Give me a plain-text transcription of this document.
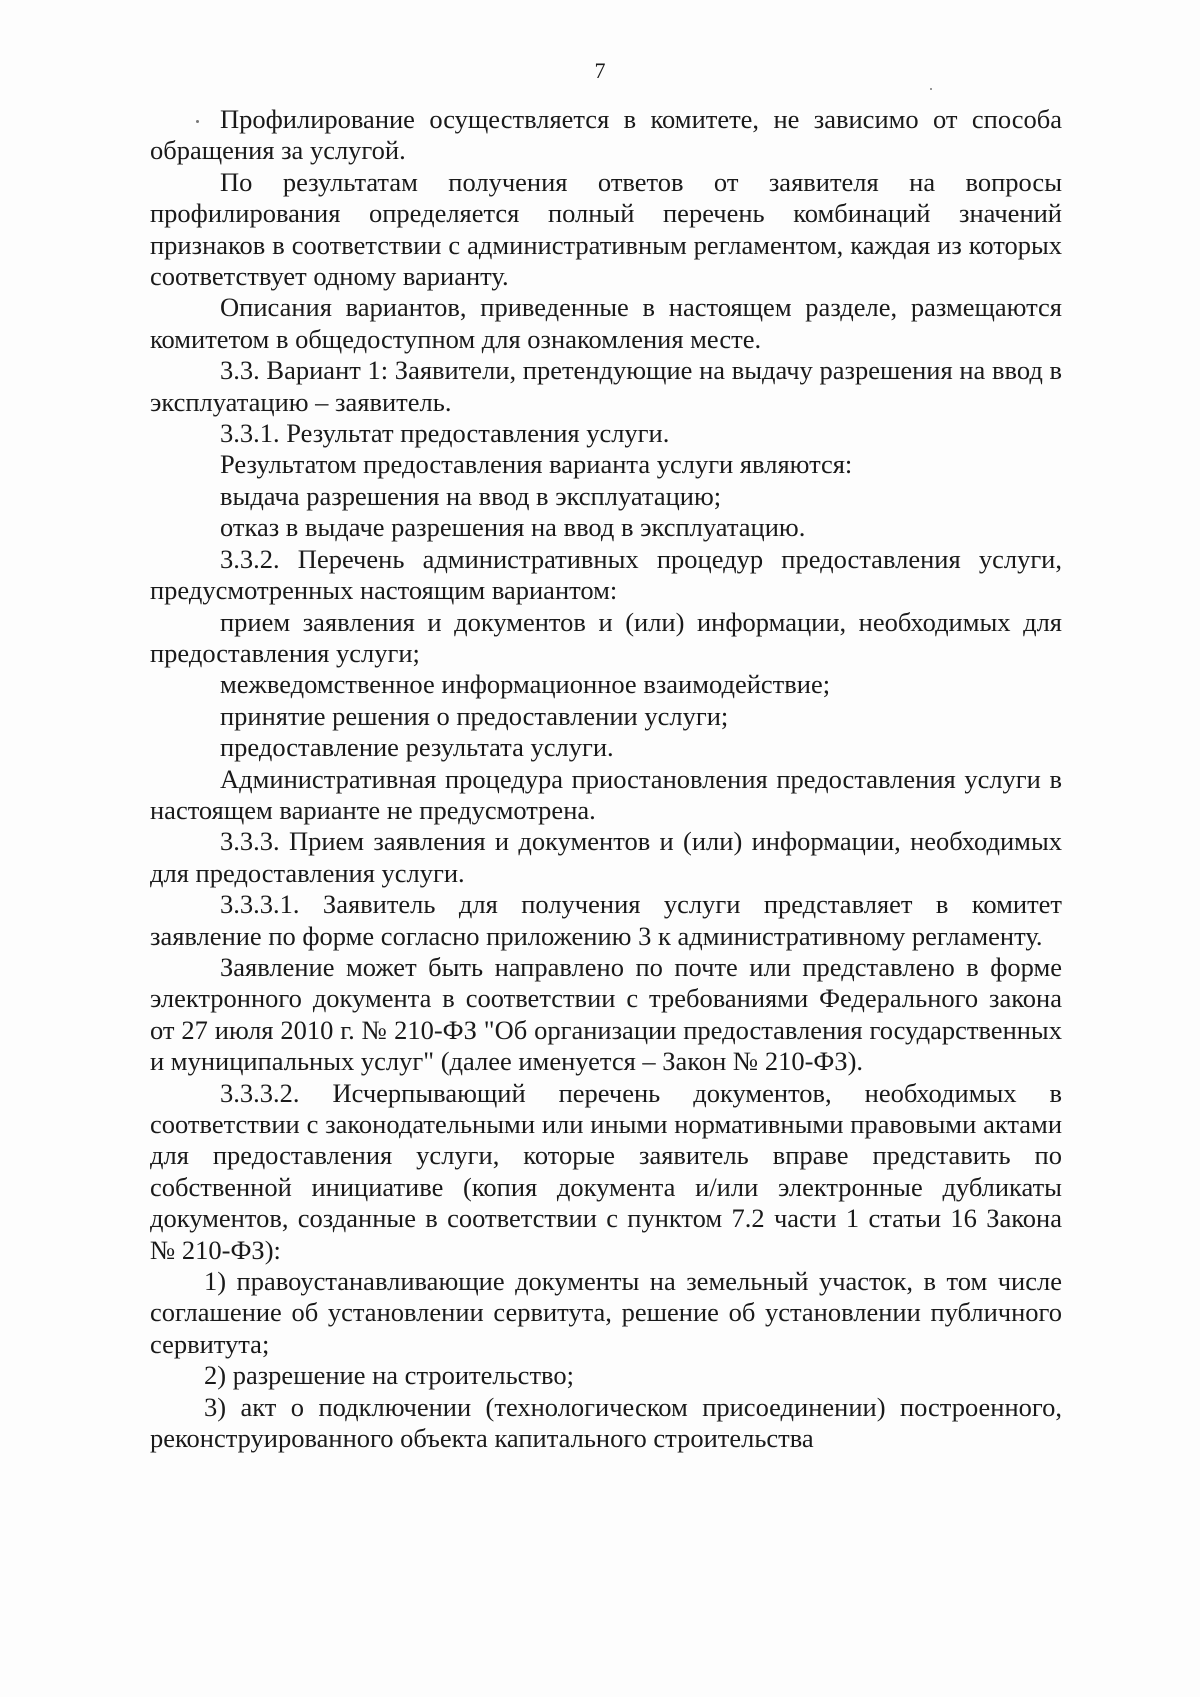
7

Профилирование осуществляется в комитете, не зависимо от способа обращения за услугой.

По результатам получения ответов от заявителя на вопросы профилирования определяется полный перечень комбинаций значений признаков в соответствии с административным регламентом, каждая из которых соответствует одному варианту.

Описания вариантов, приведенные в настоящем разделе, размещаются комитетом в общедоступном для ознакомления месте.

3.3. Вариант 1: Заявители, претендующие на выдачу разрешения на ввод в эксплуатацию – заявитель.

3.3.1. Результат предоставления услуги.

Результатом предоставления варианта услуги являются:

выдача разрешения на ввод в эксплуатацию;

отказ в выдаче разрешения на ввод в эксплуатацию.

3.3.2. Перечень административных процедур предоставления услуги, предусмотренных настоящим вариантом:

прием заявления и документов и (или) информации, необходимых для предоставления услуги;

межведомственное информационное взаимодействие;

принятие решения о предоставлении услуги;

предоставление результата услуги.

Административная процедура приостановления предоставления услуги в настоящем варианте не предусмотрена.

3.3.3. Прием заявления и документов и (или) информации, необходимых для предоставления услуги.

3.3.3.1. Заявитель для получения услуги представляет в комитет заявление по форме согласно приложению 3 к административному регламенту.

Заявление может быть направлено по почте или представлено в форме электронного документа в соответствии с требованиями Федерального закона от 27 июля 2010 г. № 210-ФЗ "Об организации предоставления государственных и муниципальных услуг" (далее именуется – Закон № 210-ФЗ).

3.3.3.2. Исчерпывающий перечень документов, необходимых в соответствии с законодательными или иными нормативными правовыми актами для предоставления услуги, которые заявитель вправе представить по собственной инициативе (копия документа и/или электронные дубликаты документов, созданные в соответствии с пунктом 7.2 части 1 статьи 16 Закона № 210-ФЗ):

1) правоустанавливающие документы на земельный участок, в том числе соглашение об установлении сервитута, решение об установлении публичного сервитута;

2) разрешение на строительство;

3) акт о подключении (технологическом присоединении) построенного, реконструированного объекта капитального строительства
